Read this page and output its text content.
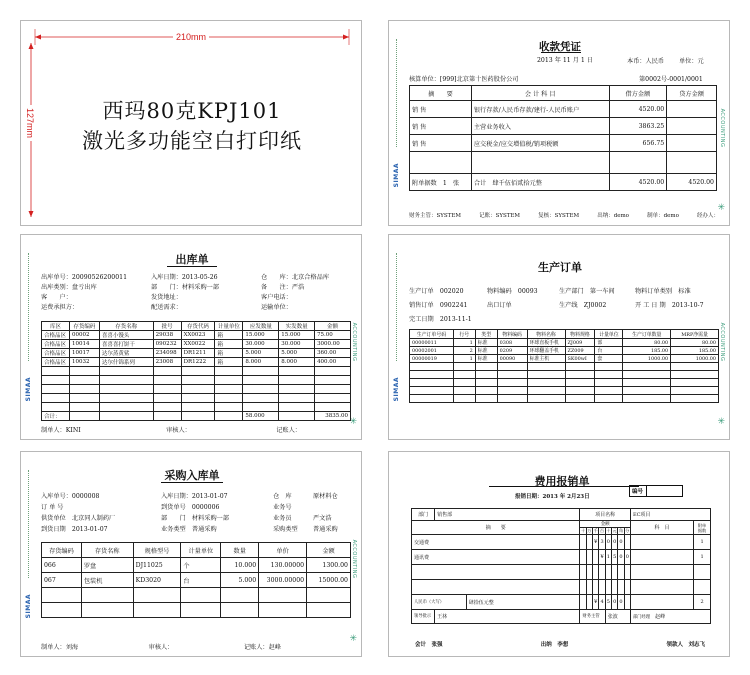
210mm
127mm	西玛80克KPJ101
激光多功能空白打印纸
SIMAA
ACCOUNTING
✳
收款凭证
2013 年 11 月 1 日	本币：人民币 单位：元
核算单位：[999]北京第十医药股份公司	第0002号-0001/0001
摘　　要	会 计 科 目	借方金额	贷方金额
销 售	银行存款/人民币存款/建行-人民币账户	4520.00	
销 售	主营业务收入	3863.25	
销 售	应交税金/应交增值税/销项税额	656.75	

附单据数　1　张	合计　肆千伍佰贰拾元整	4520.00	4520.00
财务主管：SYSTEM	记账：SYSTEM	复核：SYSTEM	出纳：demo	制单：demo	经办人：
SIMAA
ACCOUNTING
✳
出库单
出库单号：20090526200011	入库日期：2013-05-26	仓　　库：北京合格品库
出库类别：盘亏出库	部　　门：材料采购一部	备　　注：严浩
客　　户：	发货地址：	客户电话：
运费承担方：	配送需求：	运输单位：
库区	存货编码	存货名称	批号	存货代码	计量单位	应发数量	实发数量	金额
合格品区	00002	喜喜小馒头	29038	XX0023	箱	15.000	15.000	75.00
合格品区	10014	喜喜喜打饼干	090232	XX0022	箱	30.000	30.000	3000.00
合格品区	10017	达尔蒸黄鲨	234098	DR1211	箱	5.000	5.000	360.00
合格品区	10032	达尔什锦系列	23008	DR1222	箱	8.000	8.000	400.00

合计：						58.000		3835.00
制单人：KINI	审核人：	记账人：
SIMAA
ACCOUNTING
✳
生产订单
生产订单　002020	物料编码　00093	生产部门　第一车间	物料订单类别　标准
销售订单　0902241	出口订单	生产线　ZJ0002	开 工 日 期　2013-10-7
完工日期　2013-11-1
生产订单号码	行号	类型	物料编码	物料名称	物料规格	计量单位	生产订单数量	MRP净需量
00000011	1	标准	0308	环球直板手机	ZJ009	部	80.00	80.00
00002001	2	标准	0209	环球翻盖手机	ZZ009	台	185.00	185.00
00000019	1	标准	00090	标准主机	SK00wI	套	1000.00	1000.00

SIMAA
ACCOUNTING
✳
采购入库单
入库单号：0000008	入库日期：2013-01-07	仓　库	原材料仓
订 单 号	到货单号　0000006	业务号
供货单位　北京同人制药厂	部　　门　材料采购一部	业务员	严文浩
到货日期　2013-01-07	业务类型　普通采购	采购类型	普通采购
存货编码	存货名称	规格型号	计量单位	数量	单价	金额
066	罗盘	DJ11025	个	10.000	130.00000	1300.00
067	包装机	KD3020	台	5.000	3000.00000	15000.00

制单人：刘海	审核人：	记账人：赵峰
费用报销单
报销日期：2013 年 2月23日
编号
部门	销售部		项目名称								EC项目	
摘　　要			金额								科　目	附单据数
			十	万	千	百	十	元	角	分		
交通费					¥	3	0	0	0			1
通讯费						¥	1	5	0	0		1

人民币（大写）		肆拾伍元整			¥	4	5	0	0			2
领导批示	王林		财务主管				张波				部门经理　 赵峰	
会计　张强	出纳　李想	领款人　刘志飞
